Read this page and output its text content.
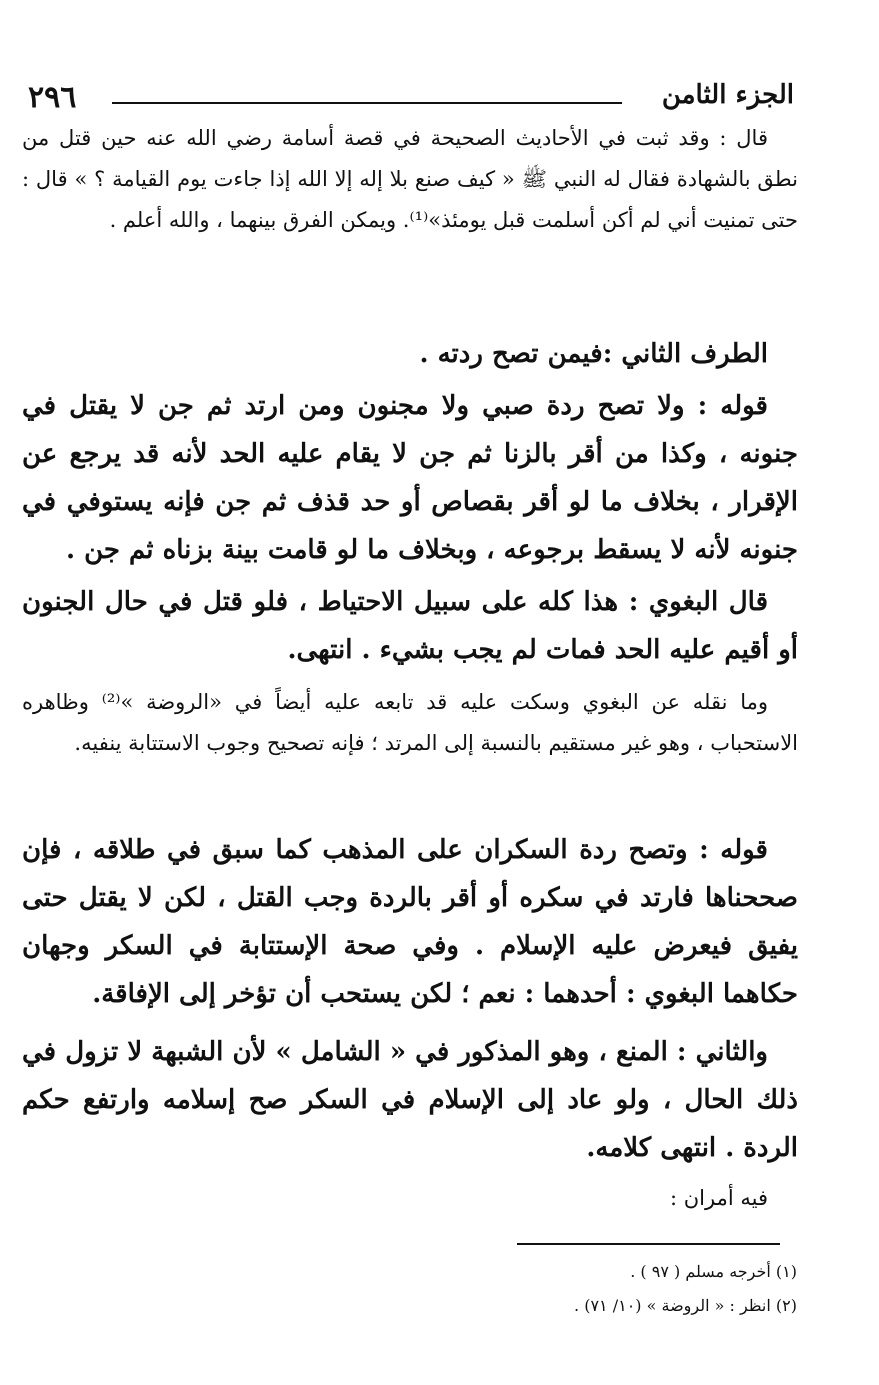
٢٩٦	الجزء الثامن

قال : وقد ثبت في الأحاديث الصحيحة في قصة أسامة رضي الله عنه حين قتل من نطق بالشهادة فقال له النبي ﷺ « كيف صنع بلا إله إلا الله إذا جاءت يوم القيامة ؟ » قال : حتى تمنيت أني لم أكن أسلمت قبل يومئذ»⁽¹⁾. ويمكن الفرق بينهما ، والله أعلم .

الطرف الثاني :فيمن تصح ردته .

قوله : ولا تصح ردة صبي ولا مجنون ومن ارتد ثم جن لا يقتل في جنونه ، وكذا من أقر بالزنا ثم جن لا يقام عليه الحد لأنه قد يرجع عن الإقرار ، بخلاف ما لو أقر بقصاص أو حد قذف ثم جن فإنه يستوفي في جنونه لأنه لا يسقط برجوعه ، وبخلاف ما لو قامت بينة بزناه ثم جن .

قال البغوي : هذا كله على سبيل الاحتياط ، فلو قتل في حال الجنون أو أقيم عليه الحد فمات لم يجب بشيء . انتهى.

وما نقله عن البغوي وسكت عليه قد تابعه عليه أيضاً في «الروضة »⁽²⁾ وظاهره الاستحباب ، وهو غير مستقيم بالنسبة إلى المرتد ؛ فإنه تصحيح وجوب الاستتابة ينفيه.

قوله : وتصح ردة السكران على المذهب كما سبق في طلاقه ، فإن صححناها فارتد في سكره أو أقر بالردة وجب القتل ، لكن لا يقتل حتى يفيق فيعرض عليه الإسلام . وفي صحة الإستتابة في السكر وجهان حكاهما البغوي : أحدهما : نعم ؛ لكن يستحب أن تؤخر إلى الإفاقة.

والثاني : المنع ، وهو المذكور في « الشامل » لأن الشبهة لا تزول في ذلك الحال ، ولو عاد إلى الإسلام في السكر صح إسلامه وارتفع حكم الردة . انتهى كلامه.

فيه أمران :

(١) أخرجه مسلم ( ٩٧ ) .
(٢) انظر : « الروضة » (١٠/ ٧١) .
